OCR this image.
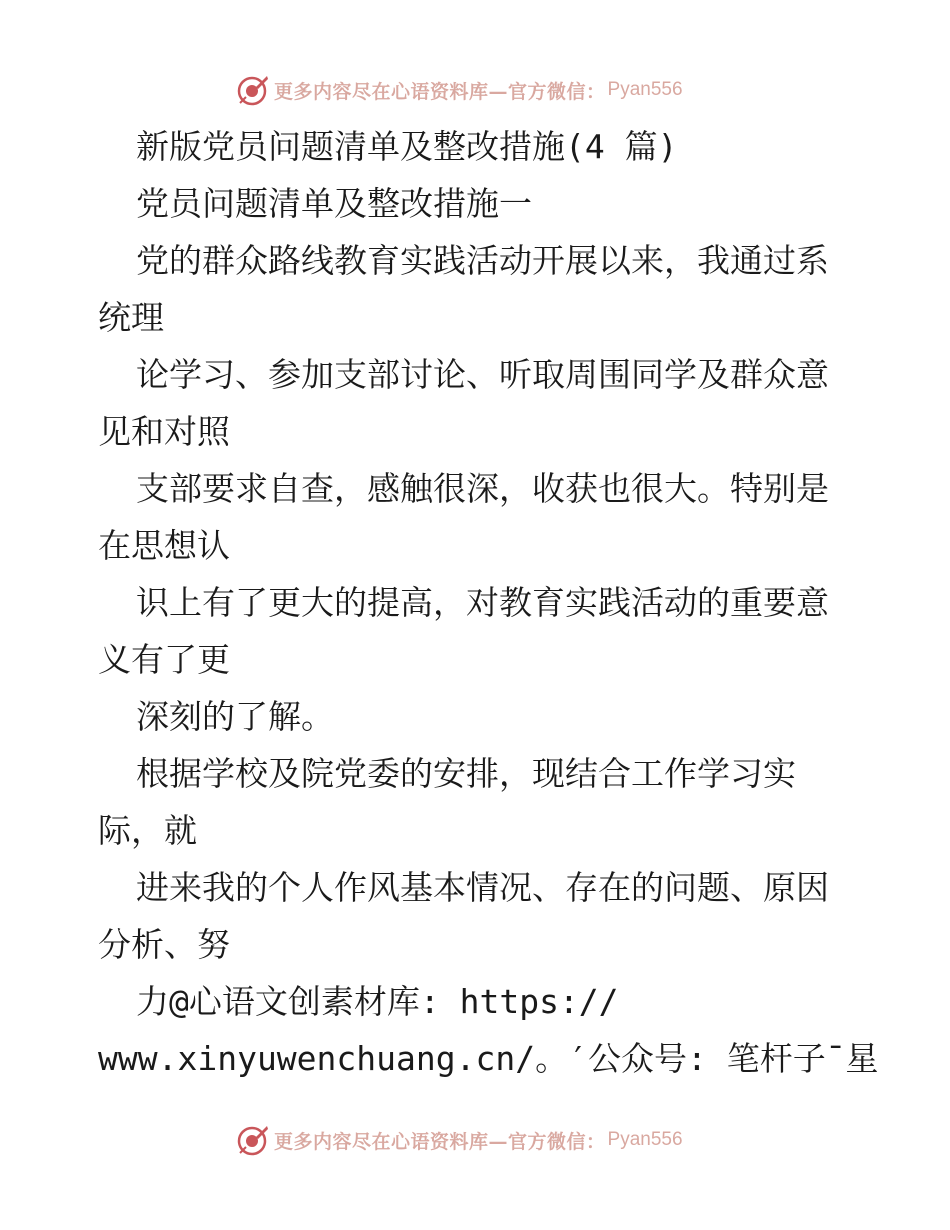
更多内容尽在心语资料库—官方微信： Pyan556
新版党员问题清单及整改措施(4 篇)
党员问题清单及整改措施一
党的群众路线教育实践活动开展以来，我通过系
统理
论学习、参加支部讨论、听取周围同学及群众意
见和对照
支部要求自查，感触很深，收获也很大。特别是
在思想认
识上有了更大的提高，对教育实践活动的重要意
义有了更
深刻的了解。
根据学校及院党委的安排，现结合工作学习实
际，就
进来我的个人作风基本情况、存在的问题、原因
分析、努
力@心语文创素材库: https://
www.xinyuwenchuang.cn/。′公众号: 笔杆子¯星
更多内容尽在心语资料库—官方微信： Pyan556
